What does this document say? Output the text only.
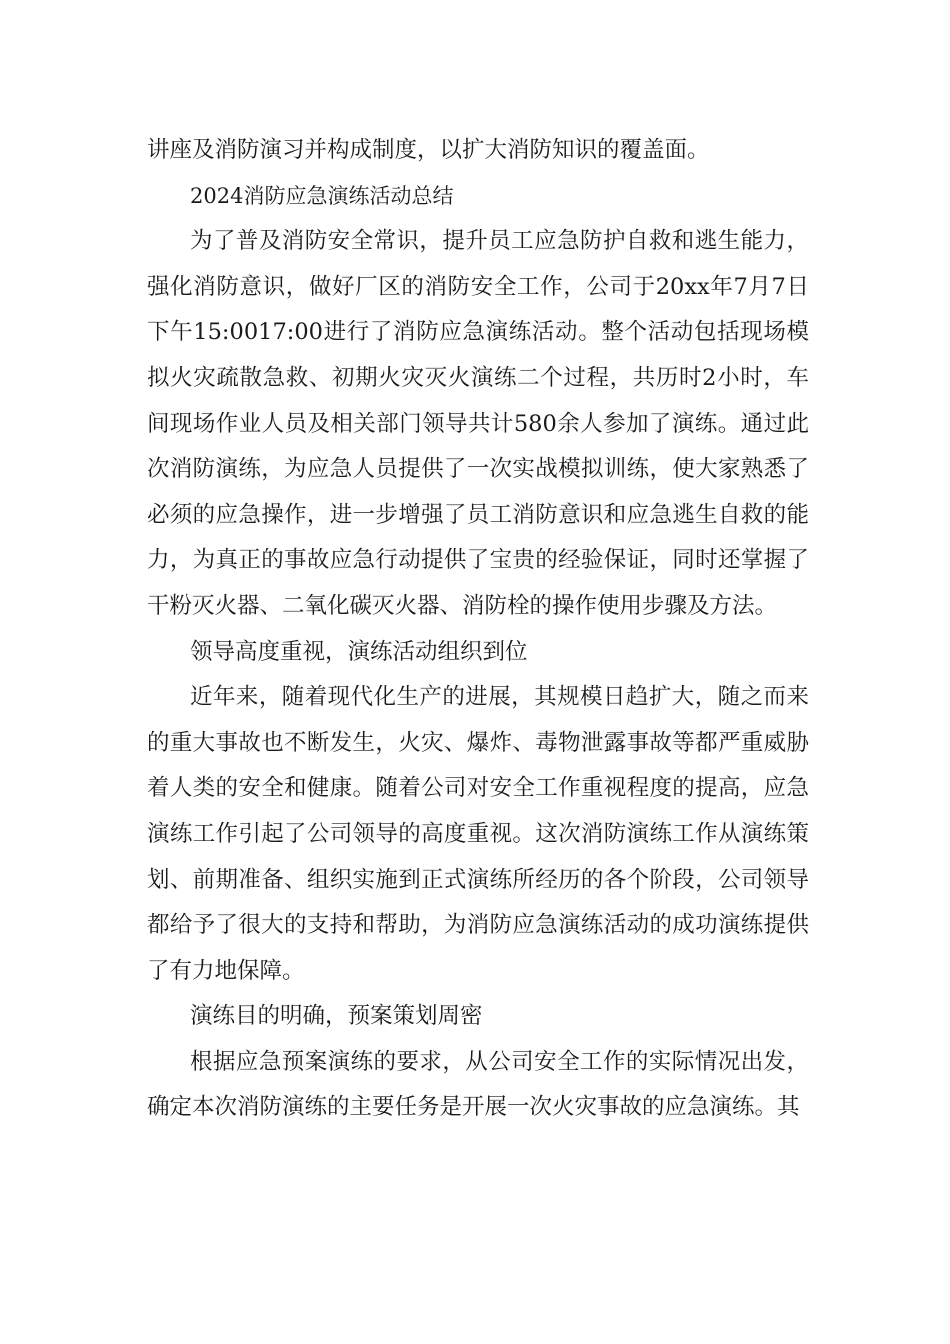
讲座及消防演习并构成制度，以扩大消防知识的覆盖面。

2024消防应急演练活动总结

为了普及消防安全常识，提升员工应急防护自救和逃生能力，强化消防意识，做好厂区的消防安全工作，公司于20xx年7月7日下午15:0017:00进行了消防应急演练活动。整个活动包括现场模拟火灾疏散急救、初期火灾灭火演练二个过程，共历时2小时，车间现场作业人员及相关部门领导共计580余人参加了演练。通过此次消防演练，为应急人员提供了一次实战模拟训练，使大家熟悉了必须的应急操作，进一步增强了员工消防意识和应急逃生自救的能力，为真正的事故应急行动提供了宝贵的经验保证，同时还掌握了干粉灭火器、二氧化碳灭火器、消防栓的操作使用步骤及方法。

领导高度重视，演练活动组织到位

近年来，随着现代化生产的进展，其规模日趋扩大，随之而来的重大事故也不断发生，火灾、爆炸、毒物泄露事故等都严重威胁着人类的安全和健康。随着公司对安全工作重视程度的提高，应急演练工作引起了公司领导的高度重视。这次消防演练工作从演练策划、前期准备、组织实施到正式演练所经历的各个阶段，公司领导都给予了很大的支持和帮助，为消防应急演练活动的成功演练提供了有力地保障。

演练目的明确，预案策划周密

根据应急预案演练的要求，从公司安全工作的实际情况出发，确定本次消防演练的主要任务是开展一次火灾事故的应急演练。其
